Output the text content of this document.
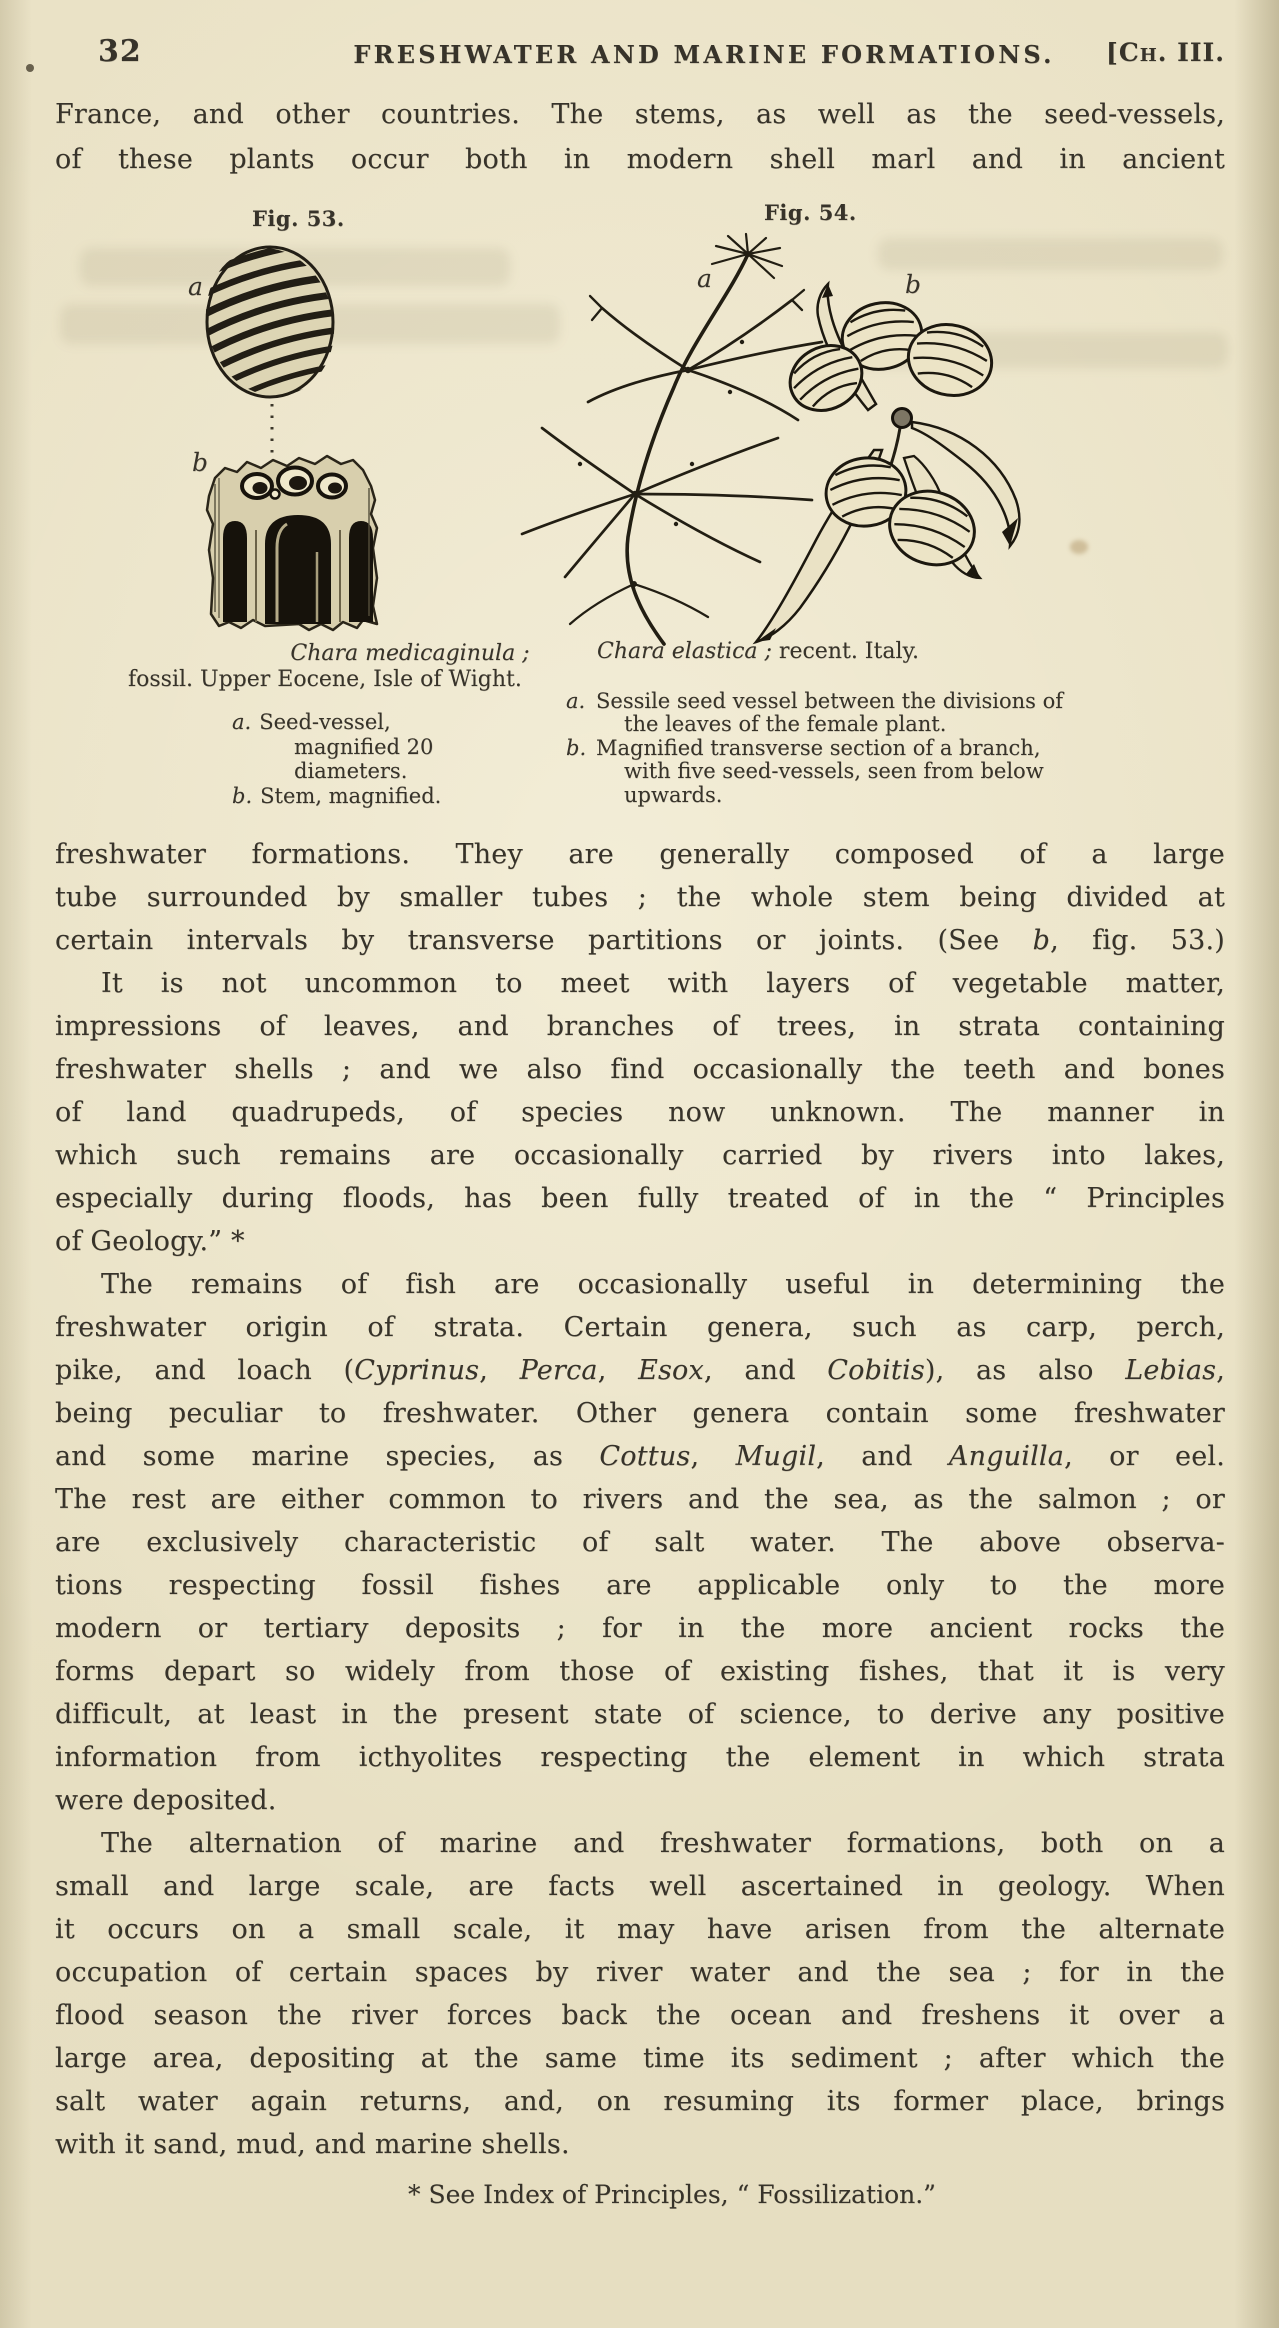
32	FRESHWATER AND MARINE FORMATIONS.	[Ch. III.
France, and other countries. The stems, as well as the seed-vessels,
of these plants occur both in modern shell marl and in ancient
Fig. 53.	Fig. 54.
a
b
a	b
Chara medicaginula ;
fossil. Upper Eocene, Isle of Wight.
a. Seed-vessel,
magnified 20
diameters.
b. Stem, magnified.
Chara elastica ; recent. Italy.
a. Sessile seed vessel between the divisions of
the leaves of the female plant.
b. Magnified transverse section of a branch,
with five seed-vessels, seen from below
upwards.
freshwater formations. They are generally composed of a large
tube surrounded by smaller tubes ; the whole stem being divided at
certain intervals by transverse partitions or joints. (See b, fig. 53.)
It is not uncommon to meet with layers of vegetable matter,
impressions of leaves, and branches of trees, in strata containing
freshwater shells ; and we also find occasionally the teeth and bones
of land quadrupeds, of species now unknown. The manner in
which such remains are occasionally carried by rivers into lakes,
especially during floods, has been fully treated of in the “ Principles
of Geology.” *
The remains of fish are occasionally useful in determining the
freshwater origin of strata. Certain genera, such as carp, perch,
pike, and loach (Cyprinus, Perca, Esox, and Cobitis), as also Lebias,
being peculiar to freshwater. Other genera contain some freshwater
and some marine species, as Cottus, Mugil, and Anguilla, or eel.
The rest are either common to rivers and the sea, as the salmon ; or
are exclusively characteristic of salt water. The above observa-
tions respecting fossil fishes are applicable only to the more
modern or tertiary deposits ; for in the more ancient rocks the
forms depart so widely from those of existing fishes, that it is very
difficult, at least in the present state of science, to derive any positive
information from icthyolites respecting the element in which strata
were deposited.
The alternation of marine and freshwater formations, both on a
small and large scale, are facts well ascertained in geology. When
it occurs on a small scale, it may have arisen from the alternate
occupation of certain spaces by river water and the sea ; for in the
flood season the river forces back the ocean and freshens it over a
large area, depositing at the same time its sediment ; after which the
salt water again returns, and, on resuming its former place, brings
with it sand, mud, and marine shells.
* See Index of Principles, “ Fossilization.”
